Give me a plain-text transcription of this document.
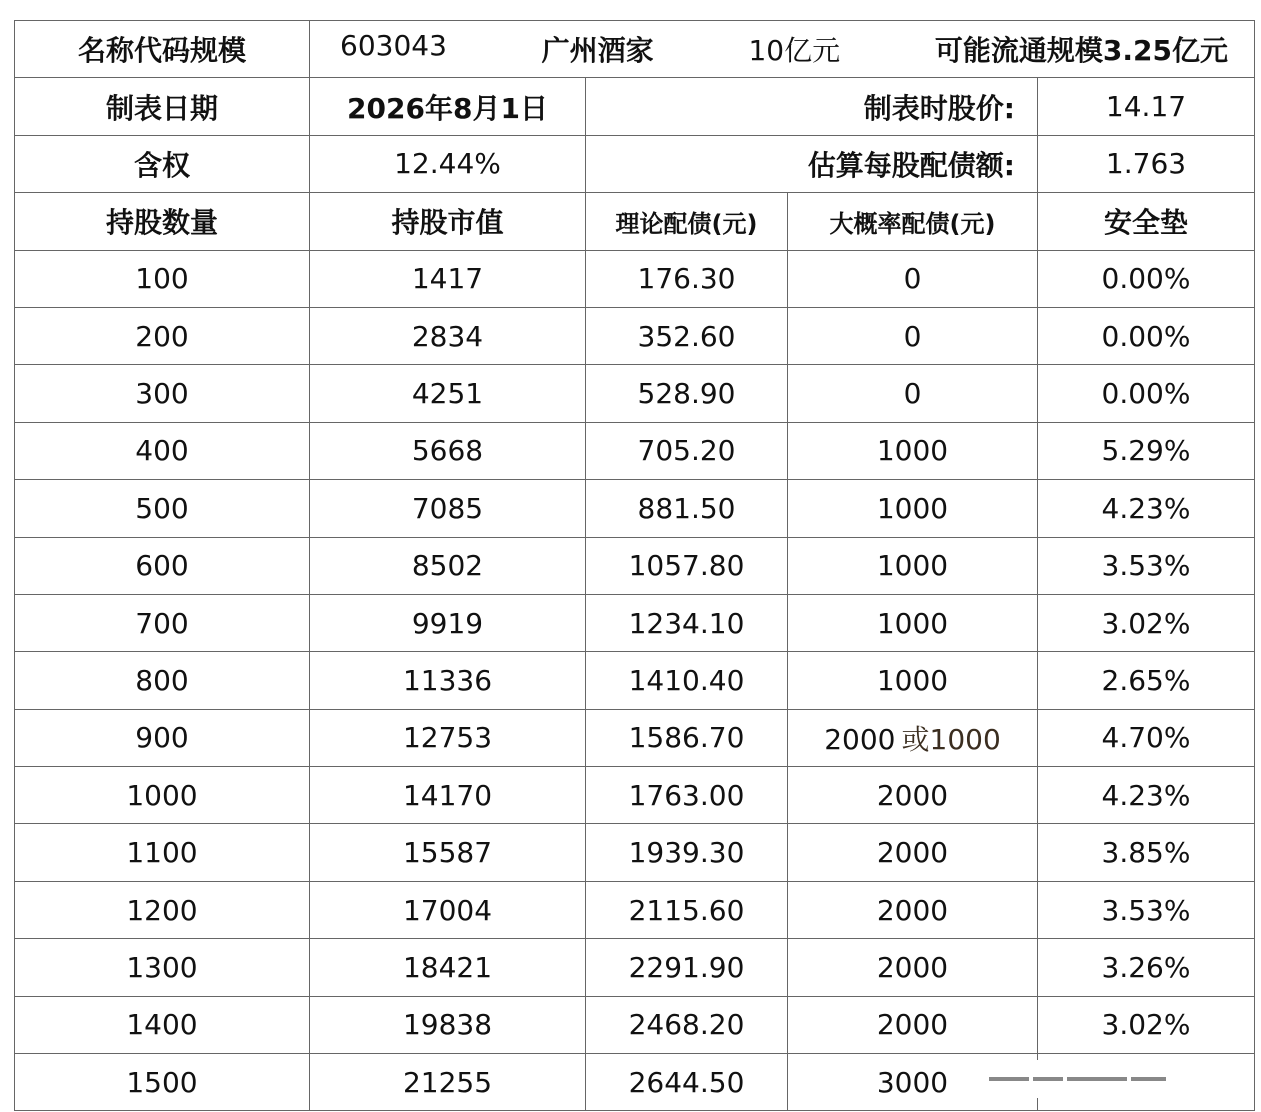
名称代码规模	603043 广州酒家 10亿元 可能流通规模3.25亿元			

制表日期	2026年8月1日	制表时股价:		14.17
含权	12.44%	估算每股配债额:		1.763
持股数量	持股市值	理论配债(元)	大概率配债(元)	安全垫
100	1417	176.30	0	0.00%
200	2834	352.60	0	0.00%
300	4251	528.90	0	0.00%
400	5668	705.20	1000	5.29%
500	7085	881.50	1000	4.23%
600	8502	1057.80	1000	3.53%
700	9919	1234.10	1000	3.02%
800	11336	1410.40	1000	2.65%
900	12753	1586.70	2000 或1000	4.70%
1000	14170	1763.00	2000	4.23%
1100	15587	1939.30	2000	3.85%
1200	17004	2115.60	2000	3.53%
1300	18421	2291.90	2000	3.26%
1400	19838	2468.20	2000	3.02%
1500	21255	2644.50	3000	
